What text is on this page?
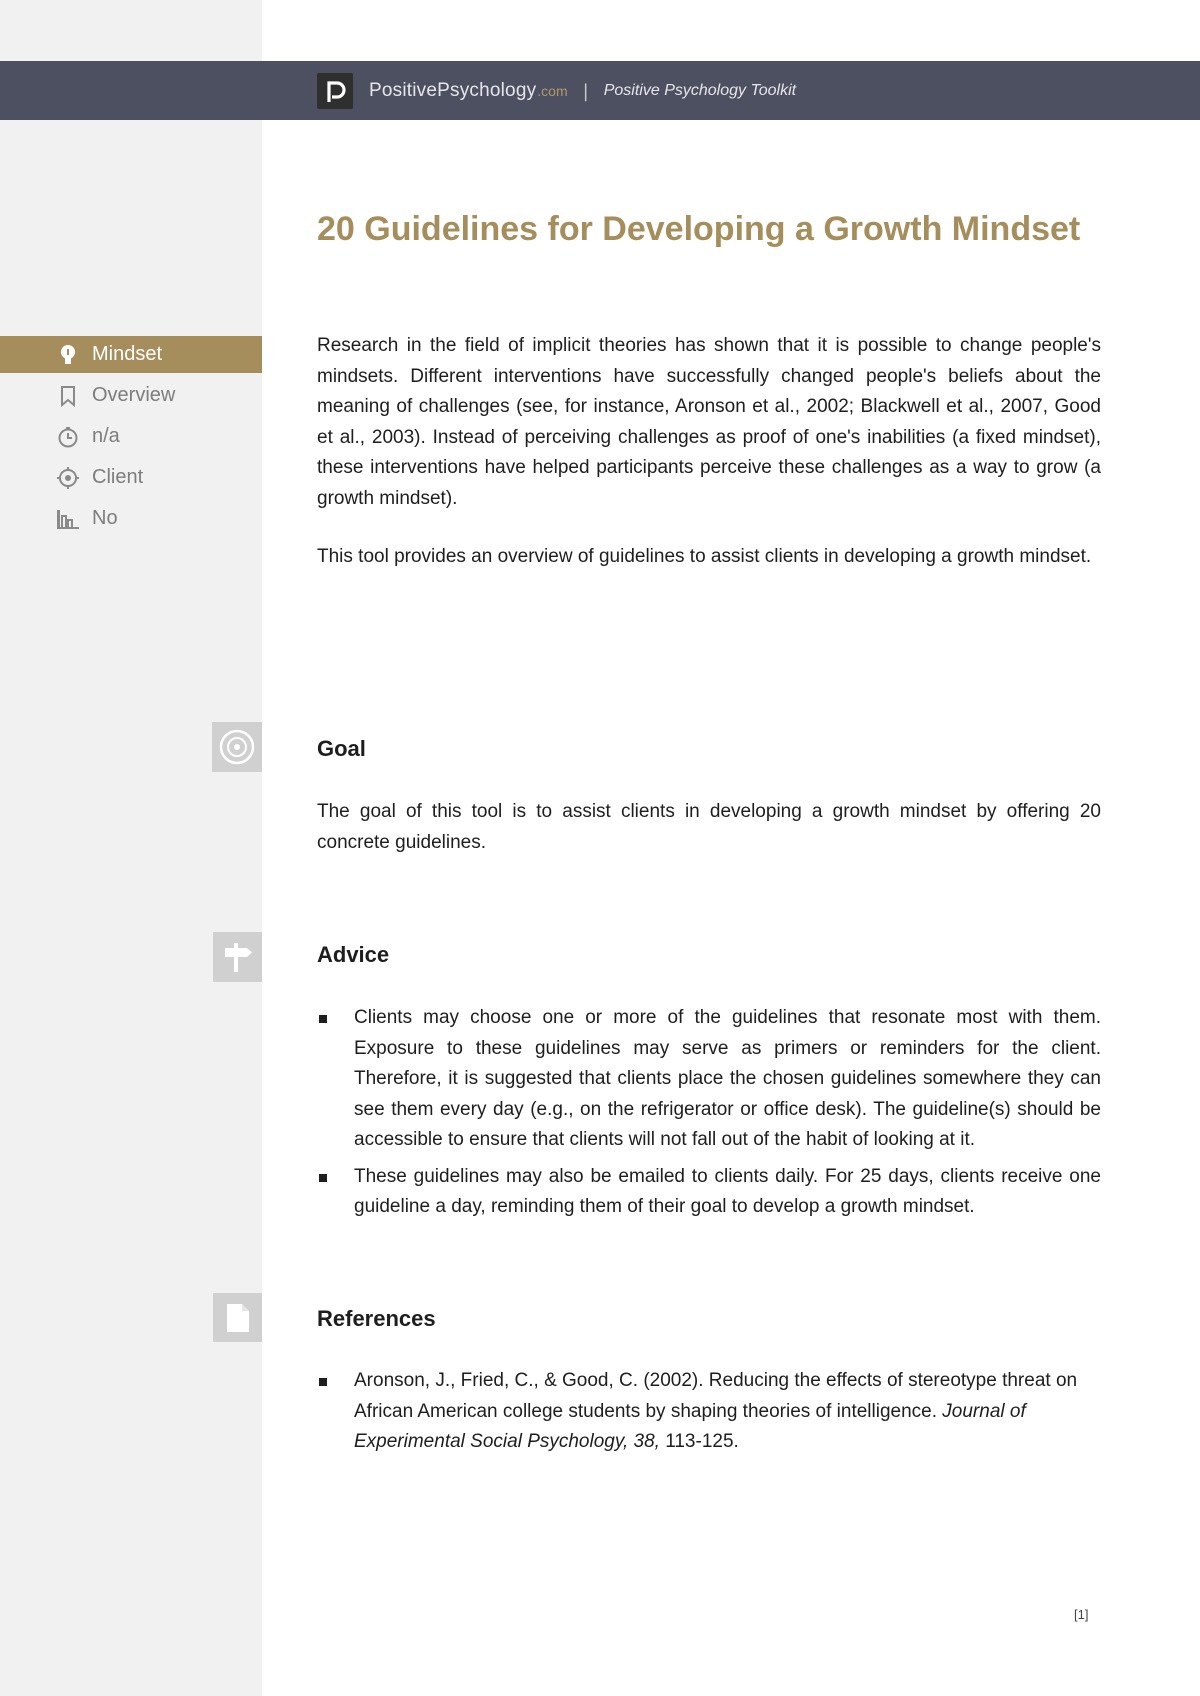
PositivePsychology .com | Positive Psychology Toolkit
20 Guidelines for Developing a Growth Mindset
Mindset
Overview
n/a
Client
No

Research in the field of implicit theories has shown that it is possible to change people's mindsets. Different interventions have successfully changed people's beliefs about the meaning of challenges (see, for instance, Aronson et al., 2002; Blackwell et al., 2007, Good et al., 2003). Instead of perceiving challenges as proof of one's inabilities (a fixed mindset), these interventions have helped participants perceive these challenges as a way to grow (a growth mindset).

This tool provides an overview of guidelines to assist clients in developing a growth mindset.

Goal

The goal of this tool is to assist clients in developing a growth mindset by offering 20 concrete guidelines.

Advice
Clients may choose one or more of the guidelines that resonate most with them. Exposure to these guidelines may serve as primers or reminders for the client. Therefore, it is suggested that clients place the chosen guidelines somewhere they can see them every day (e.g., on the refrigerator or office desk). The guideline(s) should be accessible to ensure that clients will not fall out of the habit of looking at it.
These guidelines may also be emailed to clients daily. For 25 days, clients receive one guideline a day, reminding them of their goal to develop a growth mindset.
References
Aronson, J., Fried, C., & Good, C. (2002). Reducing the effects of stereotype threat on African American college students by shaping theories of intelligence. Journal of Experimental Social Psychology, 38, 113-125.
[1]
